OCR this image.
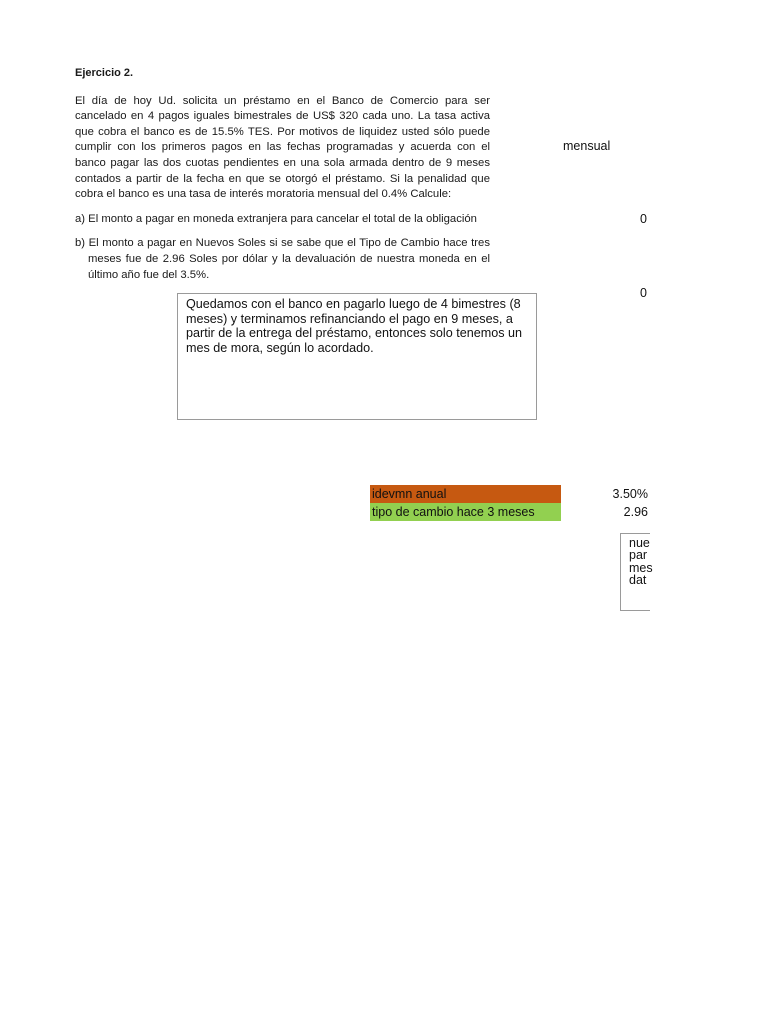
Ejercicio 2.

El día de hoy Ud. solicita un préstamo en el Banco de Comercio para ser cancelado en 4 pagos iguales bimestrales de US$ 320 cada uno. La tasa activa que cobra el banco es de 15.5% TES. Por motivos de liquidez usted sólo puede cumplir con los primeros pagos en las fechas programadas y acuerda con el banco pagar las dos cuotas pendientes en una sola armada dentro de 9 meses contados a partir de la fecha en que se otorgó el préstamo. Si la penalidad que cobra el banco es una tasa de interés moratoria mensual del 0.4% Calcule:

a) El monto a pagar en moneda extranjera para cancelar el total de la obligación

b) El monto a pagar en Nuevos Soles si se sabe que el Tipo de Cambio hace tres meses fue de 2.96 Soles por dólar y la devaluación de nuestra moneda en el último año fue del 3.5%.

mensual
0
0
Quedamos con el banco en pagarlo luego de 4 bimestres (8 meses) y terminamos refinanciando el pago en 9 meses, a partir de la entrega del préstamo, entonces solo tenemos un mes de mora, según lo acordado.
idevmn anual	3.50%
tipo de cambio hace 3 meses	2.96
nue
par
mes
dat
